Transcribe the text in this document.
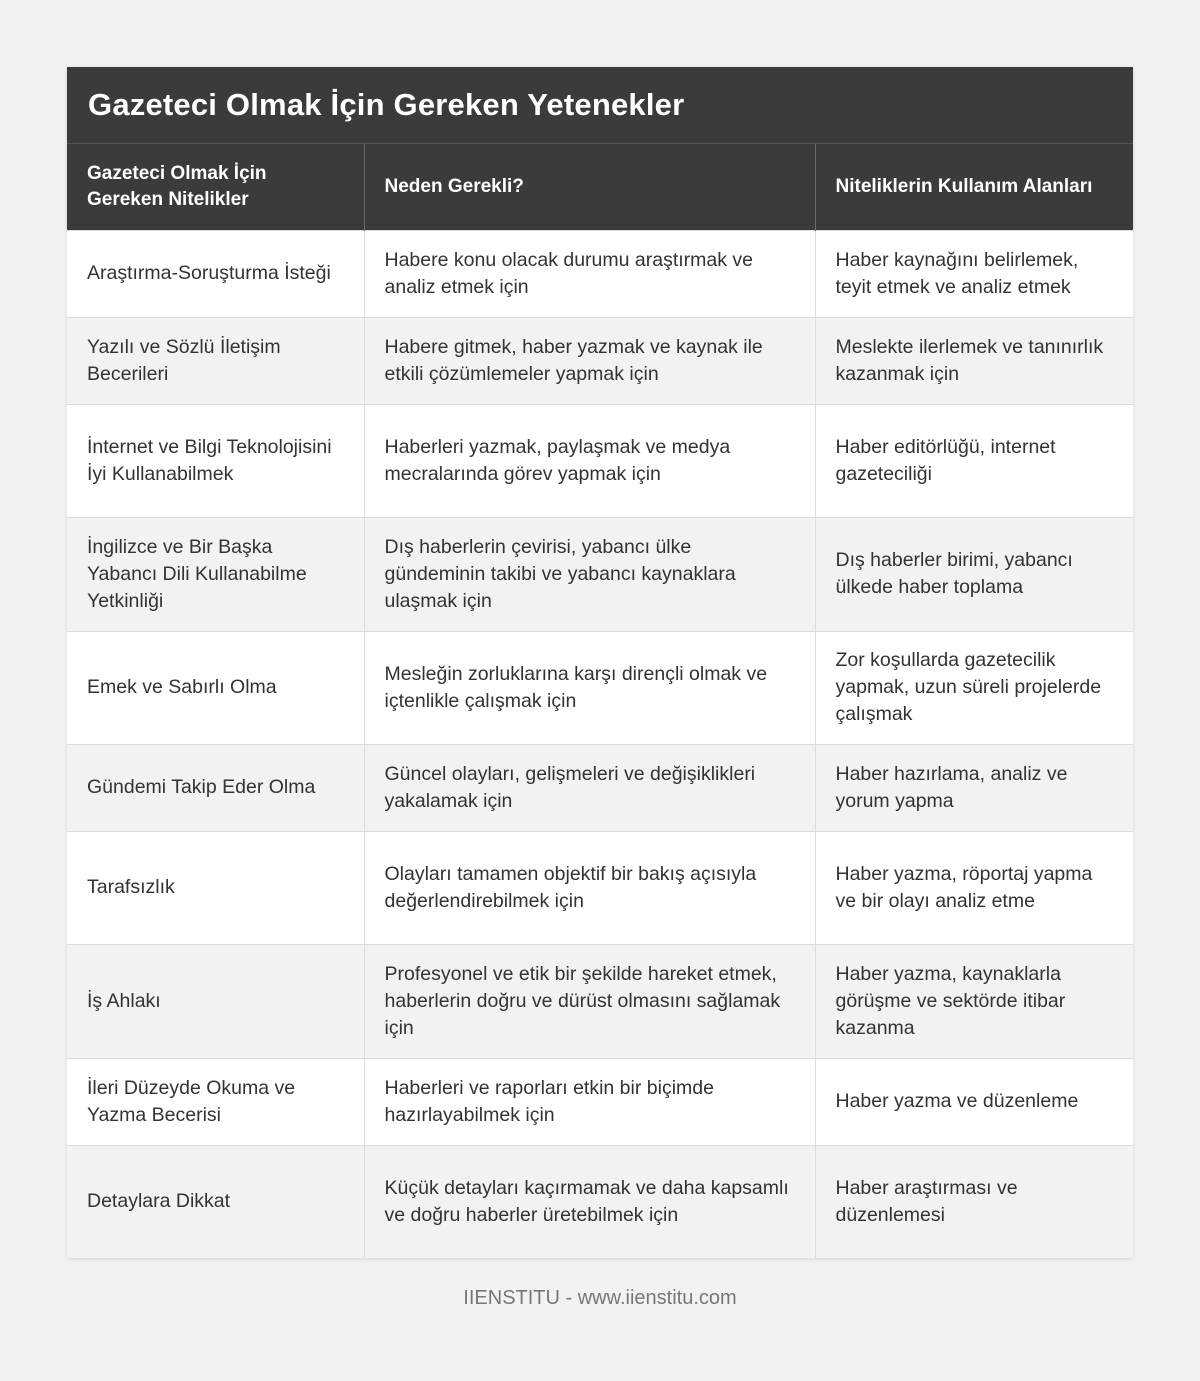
Gazeteci Olmak İçin Gereken Yetenekler
Gazeteci Olmak İçin Gereken Nitelikler	Neden Gerekli?	Niteliklerin Kullanım Alanları
Araştırma-Soruşturma İsteği	Habere konu olacak durumu araştırmak ve analiz etmek için	Haber kaynağını belirlemek, teyit etmek ve analiz etmek
Yazılı ve Sözlü İletişim Becerileri	Habere gitmek, haber yazmak ve kaynak ile etkili çözümlemeler yapmak için	Meslekte ilerlemek ve tanınırlık kazanmak için
İnternet ve Bilgi Teknolojisini İyi Kullanabilmek	Haberleri yazmak, paylaşmak ve medya mecralarında görev yapmak için	Haber editörlüğü, internet gazeteciliği
İngilizce ve Bir Başka Yabancı Dili Kullanabilme Yetkinliği	Dış haberlerin çevirisi, yabancı ülke gündeminin takibi ve yabancı kaynaklara ulaşmak için	Dış haberler birimi, yabancı ülkede haber toplama
Emek ve Sabırlı Olma	Mesleğin zorluklarına karşı dirençli olmak ve içtenlikle çalışmak için	Zor koşullarda gazetecilik yapmak, uzun süreli projelerde çalışmak
Gündemi Takip Eder Olma	Güncel olayları, gelişmeleri ve değişiklikleri yakalamak için	Haber hazırlama, analiz ve yorum yapma
Tarafsızlık	Olayları tamamen objektif bir bakış açısıyla değerlendirebilmek için	Haber yazma, röportaj yapma ve bir olayı analiz etme
İş Ahlakı	Profesyonel ve etik bir şekilde hareket etmek, haberlerin doğru ve dürüst olmasını sağlamak için	Haber yazma, kaynaklarla görüşme ve sektörde itibar kazanma
İleri Düzeyde Okuma ve Yazma Becerisi	Haberleri ve raporları etkin bir biçimde hazırlayabilmek için	Haber yazma ve düzenleme
Detaylara Dikkat	Küçük detayları kaçırmamak ve daha kapsamlı ve doğru haberler üretebilmek için	Haber araştırması ve düzenlemesi
IIENSTITU - www.iienstitu.com
